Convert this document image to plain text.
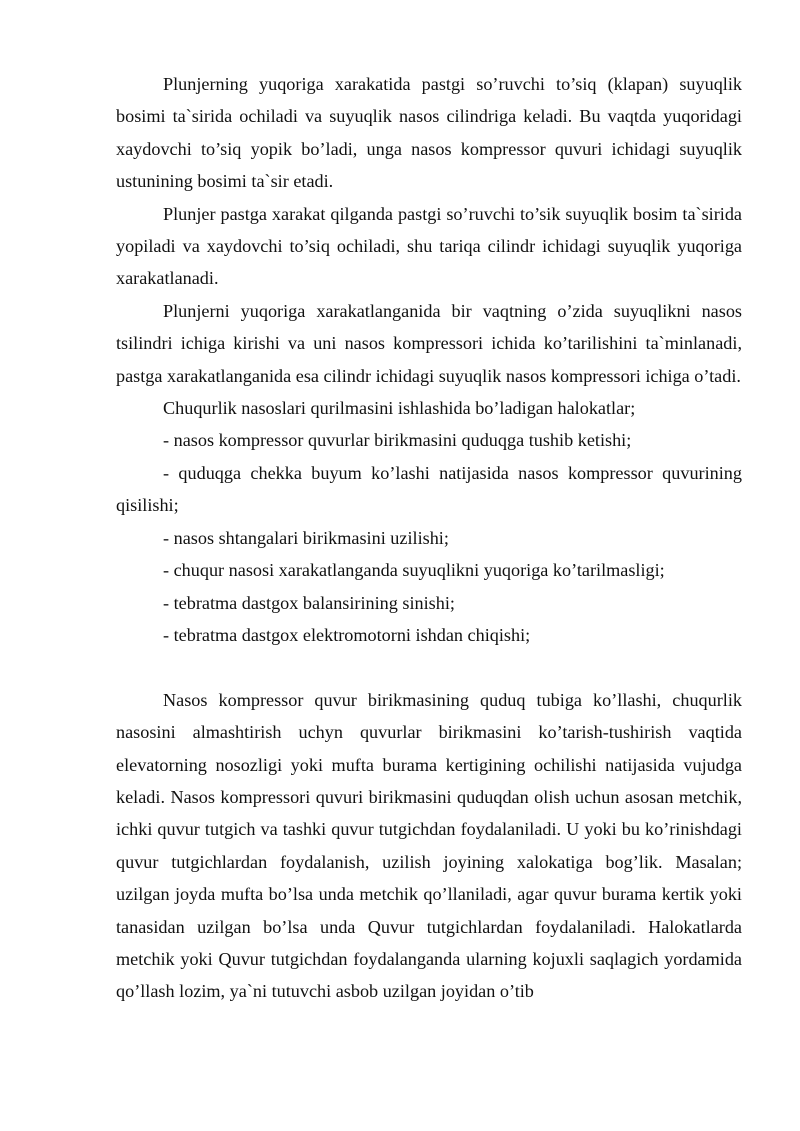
Plunjerning yuqoriga xarakatida pastgi so’ruvchi to’siq (klapan) suyuqlik bosimi ta`sirida ochiladi va suyuqlik nasos cilindriga keladi. Bu vaqtda yuqoridagi xaydovchi to’siq yopik bo’ladi, unga nasos kompressor quvuri ichidagi suyuqlik ustunining bosimi ta`sir etadi.

Plunjer pastga xarakat qilganda pastgi so’ruvchi to’sik suyuqlik bosim ta`sirida yopiladi va xaydovchi to’siq ochiladi, shu tariqa cilindr ichidagi suyuqlik yuqoriga xarakatlanadi.

Plunjerni yuqoriga xarakatlanganida bir vaqtning o’zida suyuqlikni nasos tsilindri ichiga kirishi va uni nasos kompressori ichida ko’tarilishini ta`minlanadi, pastga xarakatlanganida esa cilindr ichidagi suyuqlik nasos kompressori ichiga o’tadi.

Chuqurlik nasoslari qurilmasini ishlashida bo’ladigan halokatlar;

- nasos kompressor quvurlar birikmasini quduqga tushib ketishi;

- quduqga chekka buyum ko’lashi natijasida nasos kompressor quvurining qisilishi;

- nasos shtangalari birikmasini uzilishi;

- chuqur nasosi xarakatlanganda suyuqlikni yuqoriga ko’tarilmasligi;

- tebratma dastgox balansirining sinishi;

- tebratma dastgox elektromotorni ishdan chiqishi;

Nasos kompressor quvur birikmasining quduq tubiga ko’llashi, chuqurlik nasosini almashtirish uchyn quvurlar birikmasini ko’tarish-tushirish vaqtida elevatorning nosozligi yoki mufta burama kertigining ochilishi natijasida vujudga keladi. Nasos kompressori quvuri birikmasini quduqdan olish uchun asosan metchik, ichki quvur tutgich va tashki quvur tutgichdan foydalaniladi. U yoki bu ko’rinishdagi quvur tutgichlardan foydalanish, uzilish joyining xalokatiga bog’lik. Masalan; uzilgan joyda mufta bo’lsa unda metchik qo’llaniladi, agar quvur burama kertik yoki tanasidan uzilgan bo’lsa unda Quvur tutgichlardan foydalaniladi. Halokatlarda metchik yoki Quvur tutgichdan foydalanganda ularning kojuxli saqlagich yordamida qo’llash lozim, ya`ni tutuvchi asbob uzilgan joyidan o’tib
